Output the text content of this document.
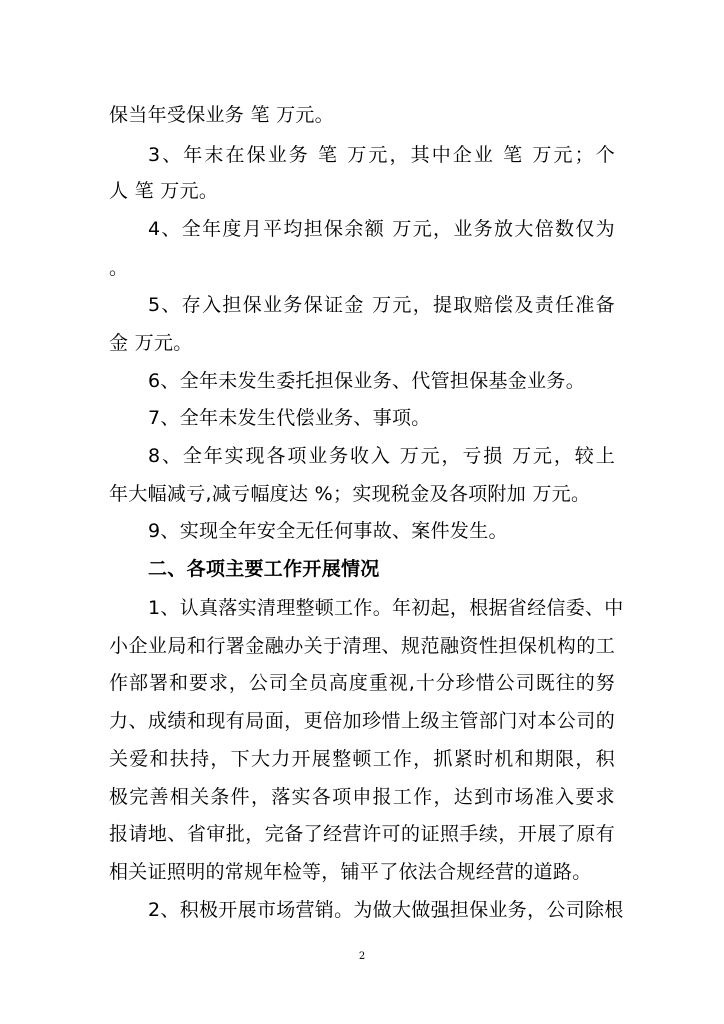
保当年受保业务 笔 万元。
3、年末在保业务 笔 万元，其中企业 笔 万元；个
人 笔 万元。
4、全年度月平均担保余额 万元，业务放大倍数仅为
。
5、存入担保业务保证金 万元，提取赔偿及责任准备
金 万元。
6、全年未发生委托担保业务、代管担保基金业务。
7、全年未发生代偿业务、事项。
8、全年实现各项业务收入 万元，亏损 万元，较上
年大幅减亏,减亏幅度达 %；实现税金及各项附加 万元。
9、实现全年安全无任何事故、案件发生。
二、各项主要工作开展情况
1、认真落实清理整顿工作。年初起，根据省经信委、中
小企业局和行署金融办关于清理、规范融资性担保机构的工
作部署和要求，公司全员高度重视,十分珍惜公司既往的努
力、成绩和现有局面，更倍加珍惜上级主管部门对本公司的
关爱和扶持，下大力开展整顿工作，抓紧时机和期限，积
极完善相关条件，落实各项申报工作，达到市场准入要求
报请地、省审批，完备了经营许可的证照手续，开展了原有
相关证照明的常规年检等，铺平了依法合规经营的道路。
2、积极开展市场营销。为做大做强担保业务，公司除根
2
